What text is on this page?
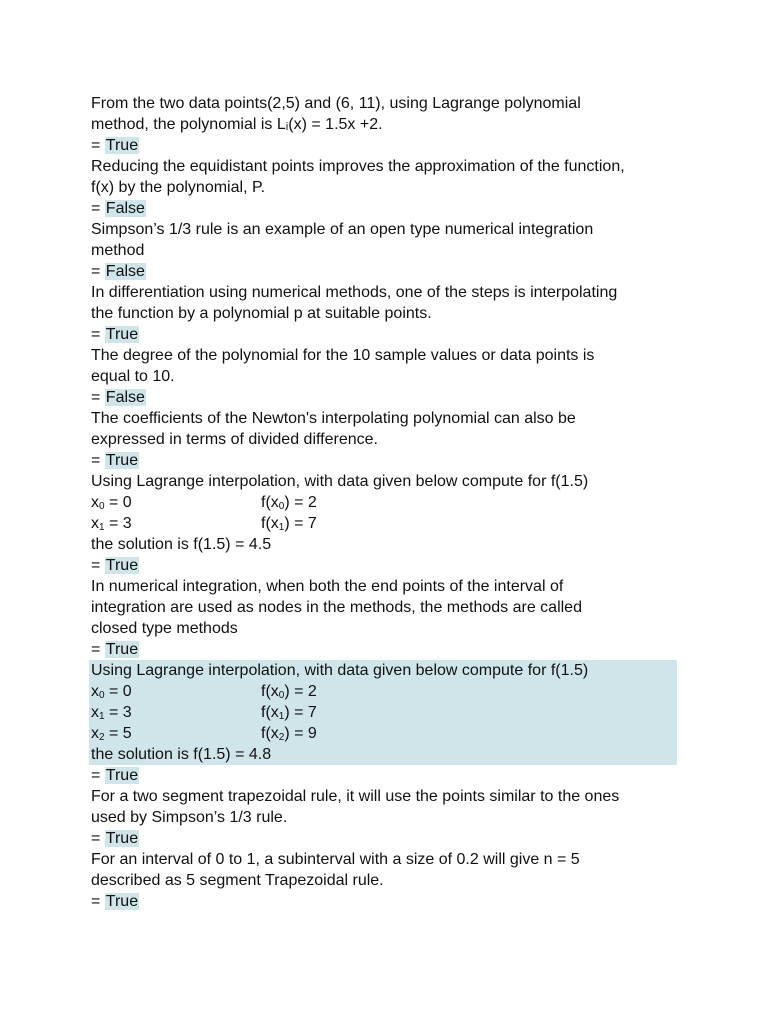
From the two data points(2,5) and (6, 11), using Lagrange polynomial
method, the polynomial is Lᵢ(x) = 1.5x +2.
= True
Reducing the equidistant points improves the approximation of the function,
f(x) by the polynomial, P.
= False
Simpson’s 1/3 rule is an example of an open type numerical integration
method
= False
In differentiation using numerical methods, one of the steps is interpolating
the function by a polynomial p at suitable points.
= True
The degree of the polynomial for the 10 sample values or data points is
equal to 10.
= False
The coefficients of the Newton's interpolating polynomial can also be
expressed in terms of divided difference.
= True
Using Lagrange interpolation, with data given below compute for f(1.5)
$x_0 = 0$	$f(x_0) = 2$
$x_1 = 3$	$f(x_1) = 7$
the solution is f(1.5) = 4.5
= True
In numerical integration, when both the end points of the interval of
integration are used as nodes in the methods, the methods are called
closed type methods
= True
Using Lagrange interpolation, with data given below compute for f(1.5)
$x_0 = 0$	$f(x_0) = 2$
$x_1 = 3$	$f(x_1) = 7$
$x_2 = 5$	$f(x_2) = 9$
the solution is f(1.5) = 4.8
= True
For a two segment trapezoidal rule, it will use the points similar to the ones
used by Simpson’s 1/3 rule.
= True
For an interval of 0 to 1, a subinterval with a size of 0.2 will give n = 5
described as 5 segment Trapezoidal rule.
= True
